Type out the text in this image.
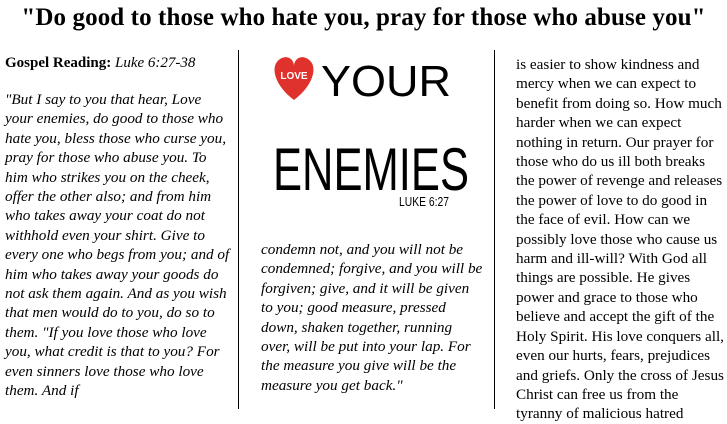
"Do good to those who hate you, pray for those who abuse you"
Gospel Reading: Luke 6:27-38
"But I say to you that hear, Love your enemies, do good to those who hate you, bless those who curse you, pray for those who abuse you. To him who strikes you on the cheek, offer the other also; and from him who takes away your coat do not withhold even your shirt. Give to every one who begs from you; and of him who takes away your goods do not ask them again. And as you wish that men would do to you, do so to them. "If you love those who love you, what credit is that to you? For even sinners love those who love them. And if
LOVE YOUR
ENEMIES
LUKE 6:27
condemn not, and you will not be condemned; forgive, and you will be forgiven; give, and it will be given to you; good measure, pressed down, shaken together, running over, will be put into your lap. For the measure you give will be the measure you get back."
is easier to show kindness and mercy when we can expect to benefit from doing so. How much harder when we can expect nothing in return. Our prayer for those who do us ill both breaks the power of revenge and releases the power of love to do good in the face of evil. How can we possibly love those who cause us harm and ill-will? With God all things are possible. He gives power and grace to those who believe and accept the gift of the Holy Spirit. His love conquers all, even our hurts, fears, prejudices and griefs. Only the cross of Jesus Christ can free us from the tyranny of malicious hatred
